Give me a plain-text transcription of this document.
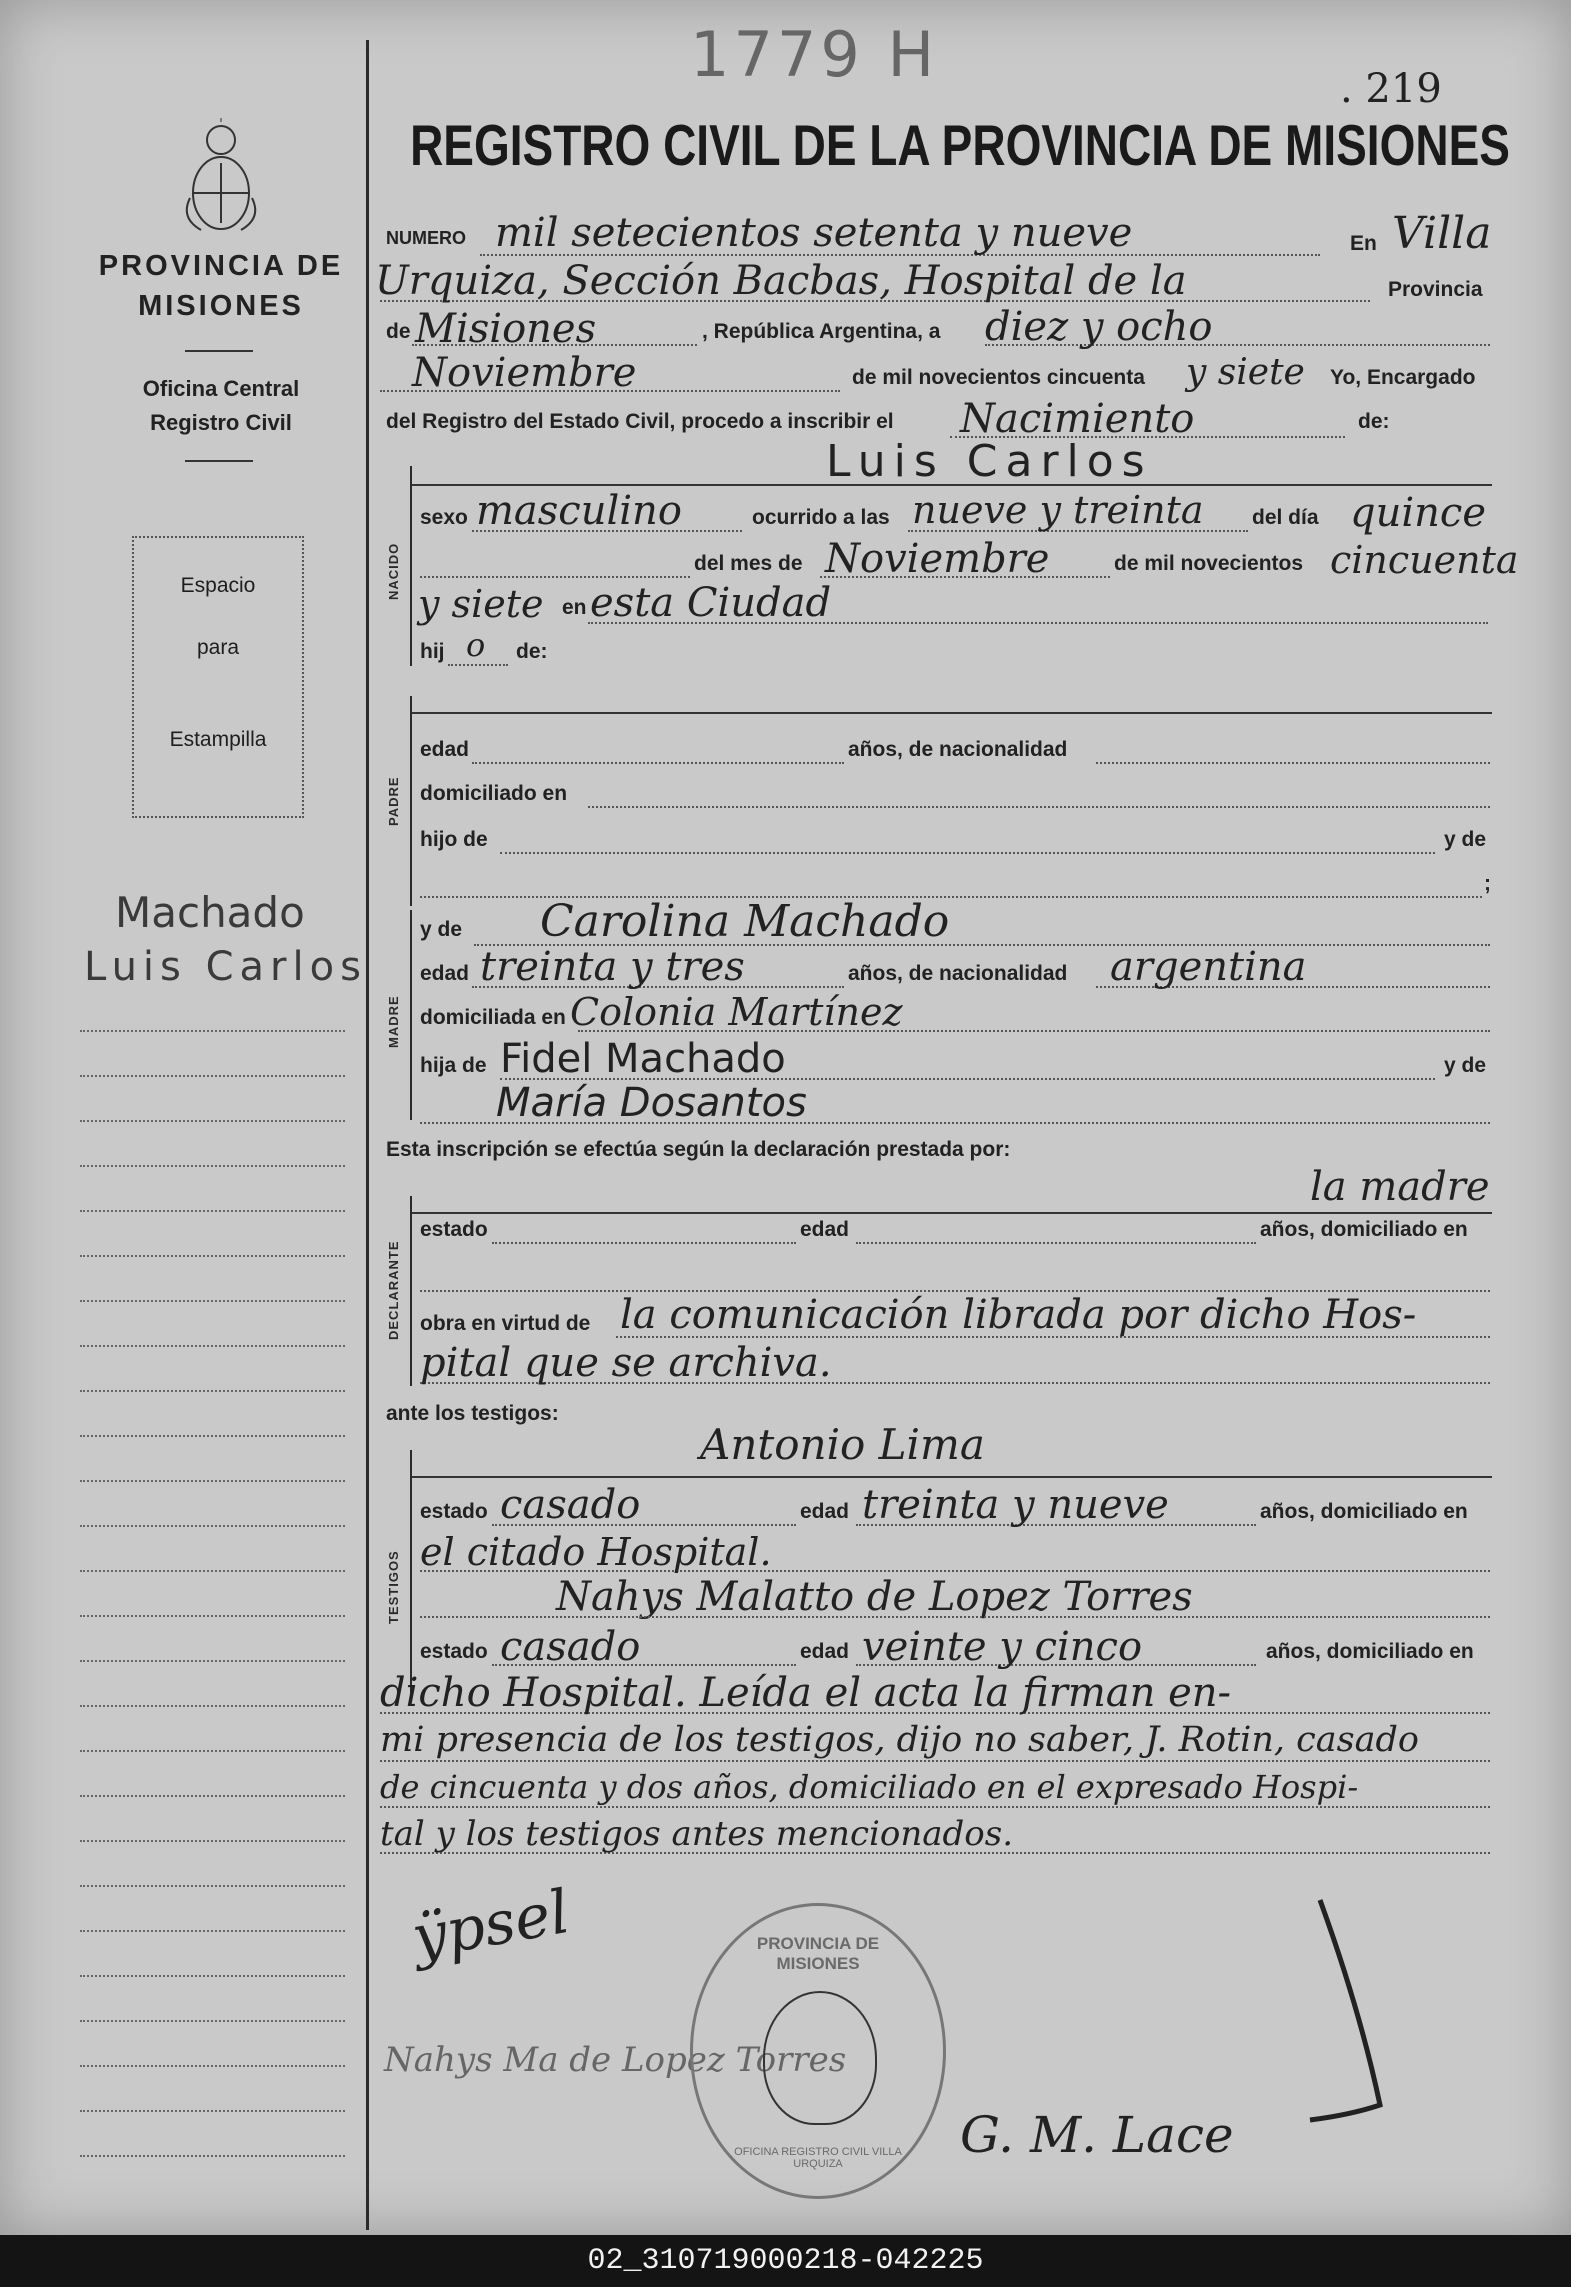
PROVINCIA DE
MISIONES
Oficina Central
Registro Civil
Espacio
para
Estampilla
Machado
Luis Carlos
1779 H	. 219
REGISTRO CIVIL DE LA PROVINCIA DE MISIONES
NUMERO mil setecientos setenta y nueve	En Villa
Urquiza, Sección Bacbas, Hospital de la	Provincia
de Misiones	, República Argentina, a diez y ocho
Noviembre	de mil novecientos cincuenta y siete Yo, Encargado
del Registro del Estado Civil, procedo a inscribir el Nacimiento	de:
Luis Carlos
NACIDO
sexo masculino	ocurrido a las nueve y treinta del día quince
del mes de Noviembre	de mil novecientos cincuenta
y siete en esta Ciudad
hij o de:
PADRE
edad	años, de nacionalidad
domiciliado en
hijo de	y de
;
MADRE
y de Carolina Machado
edad treinta y tres	años, de nacionalidad argentina
domiciliada en Colonia Martínez
hija de Fidel Machado	y de
María Dosantos
Esta inscripción se efectúa según la declaración prestada por:
la madre
DECLARANTE
estado	edad	años, domiciliado en
obra en virtud de la comunicación librada por dicho Hos-
pital que se archiva.
ante los testigos:
Antonio Lima
TESTIGOS
estado casado	edad treinta y nueve	años, domiciliado en
el citado Hospital.
Nahys Malatto de Lopez Torres
estado casado	edad veinte y cinco	años, domiciliado en
dicho Hospital. Leída el acta la firman en-
mi presencia de los testigos, dijo no saber, J. Rotin, casado
de cincuenta y dos años, domiciliado en el expresado Hospi-
tal y los testigos antes mencionados.
ÿpsel
Nahys Ma de Lopez Torres
G. M. Lace
PROVINCIA DE MISIONES
OFICINA REGISTRO CIVIL VILLA URQUIZA
02_310719000218-042225
